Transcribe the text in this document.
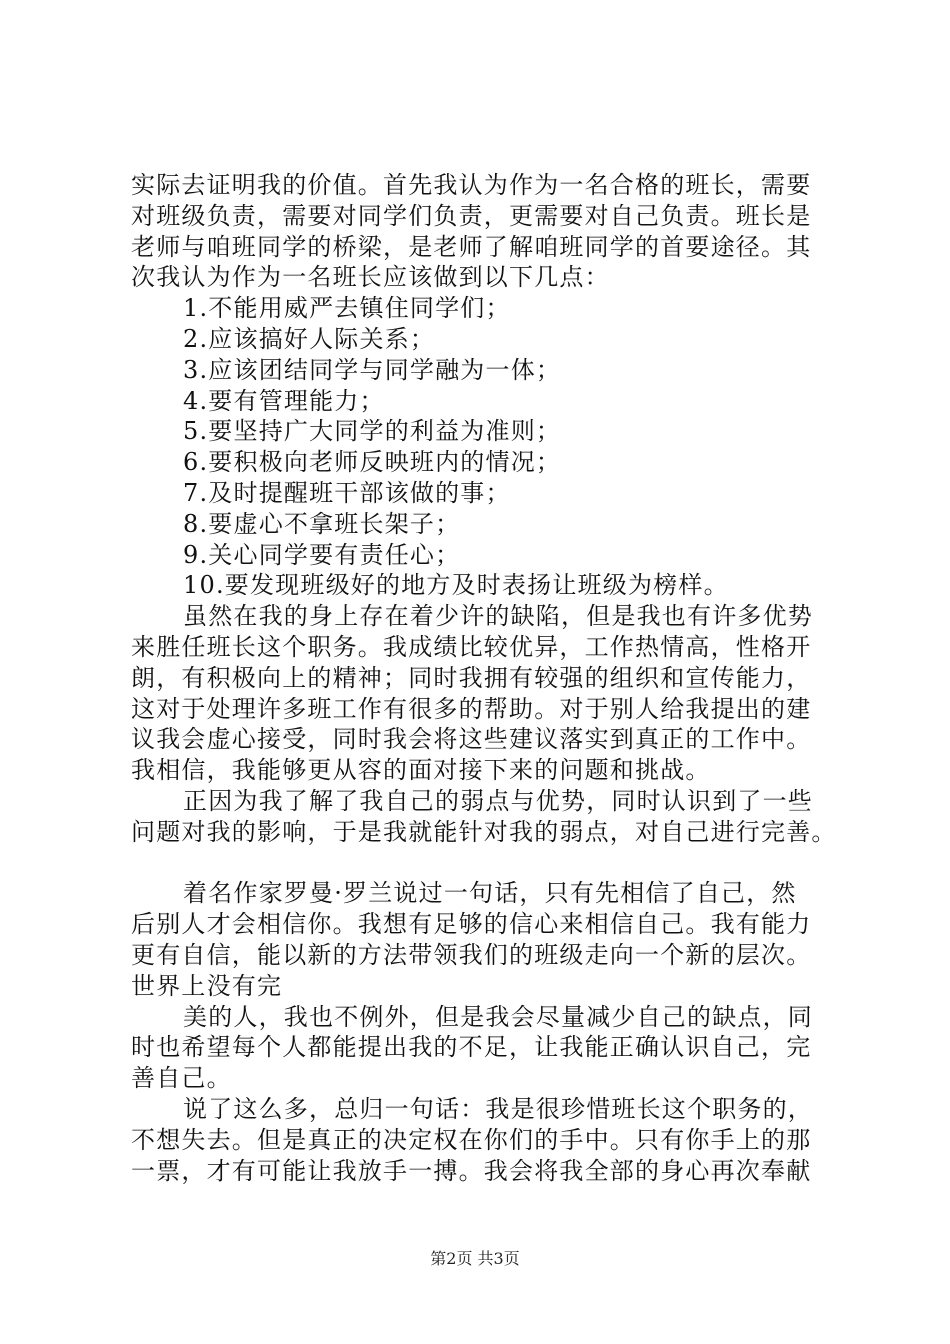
实际去证明我的价值。首先我认为作为一名合格的班长，需要
对班级负责，需要对同学们负责，更需要对自己负责。班长是
老师与咱班同学的桥梁，是老师了解咱班同学的首要途径。其
次我认为作为一名班长应该做到以下几点：
1.不能用威严去镇住同学们；
2.应该搞好人际关系；
3.应该团结同学与同学融为一体；
4.要有管理能力；
5.要坚持广大同学的利益为准则；
6.要积极向老师反映班内的情况；
7.及时提醒班干部该做的事；
8.要虚心不拿班长架子；
9.关心同学要有责任心；
10.要发现班级好的地方及时表扬让班级为榜样。
虽然在我的身上存在着少许的缺陷，但是我也有许多优势
来胜任班长这个职务。我成绩比较优异，工作热情高，性格开
朗，有积极向上的精神；同时我拥有较强的组织和宣传能力，
这对于处理许多班工作有很多的帮助。对于别人给我提出的建
议我会虚心接受，同时我会将这些建议落实到真正的工作中。
我相信，我能够更从容的面对接下来的问题和挑战。
正因为我了解了我自己的弱点与优势，同时认识到了一些
问题对我的影响，于是我就能针对我的弱点，对自己进行完善。
着名作家罗曼·罗兰说过一句话，只有先相信了自己，然
后别人才会相信你。我想有足够的信心来相信自己。我有能力
更有自信，能以新的方法带领我们的班级走向一个新的层次。
世界上没有完
美的人，我也不例外，但是我会尽量减少自己的缺点，同
时也希望每个人都能提出我的不足，让我能正确认识自己，完
善自己。
说了这么多，总归一句话：我是很珍惜班长这个职务的，
不想失去。但是真正的决定权在你们的手中。只有你手上的那
一票，才有可能让我放手一搏。我会将我全部的身心再次奉献
第2页 共3页
